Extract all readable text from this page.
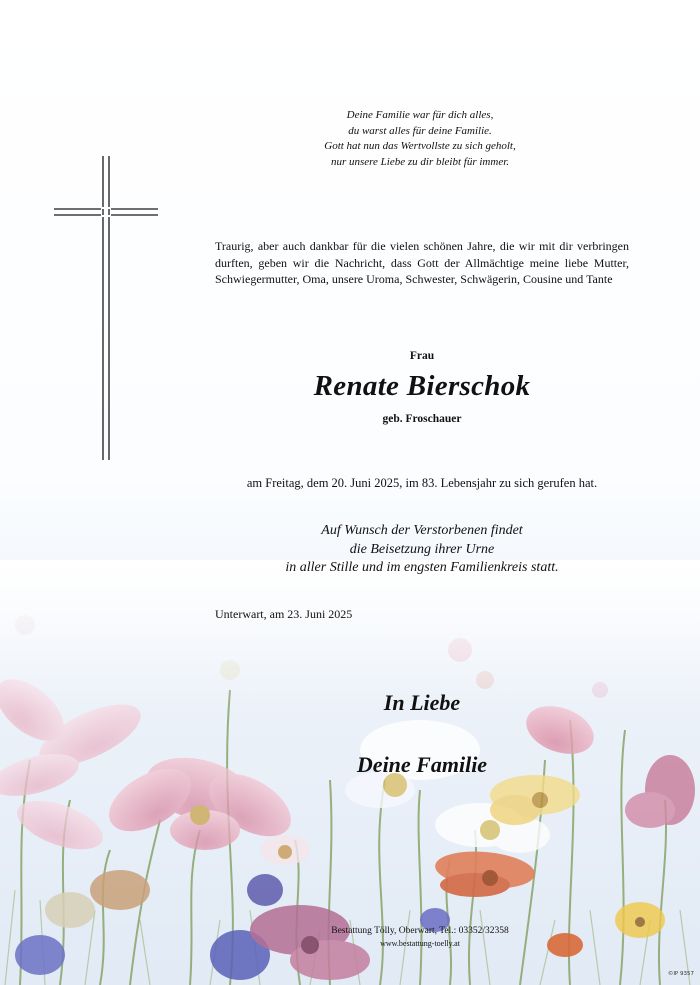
Deine Familie war für dich alles,
du warst alles für deine Familie.
Gott hat nun das Wertvollste zu sich geholt,
nur unsere Liebe zu dir bleibt für immer.
Traurig, aber auch dankbar für die vielen schönen Jahre, die wir mit dir verbringen durften, geben wir die Nachricht, dass Gott der Allmächtige meine liebe Mutter, Schwiegermutter, Oma, unsere Uroma, Schwester, Schwägerin, Cousine und Tante
Frau
Renate Bierschok
geb. Froschauer
am Freitag, dem 20. Juni 2025, im 83. Lebensjahr zu sich gerufen hat.
Auf Wunsch der Verstorbenen findet
die Beisetzung ihrer Urne
in aller Stille und im engsten Familienkreis statt.
Unterwart, am 23. Juni 2025
In Liebe
Deine Familie
Bestattung Tölly, Oberwart, Tel.: 03352/32358
www.bestattung-toelly.at
©IP 9357
